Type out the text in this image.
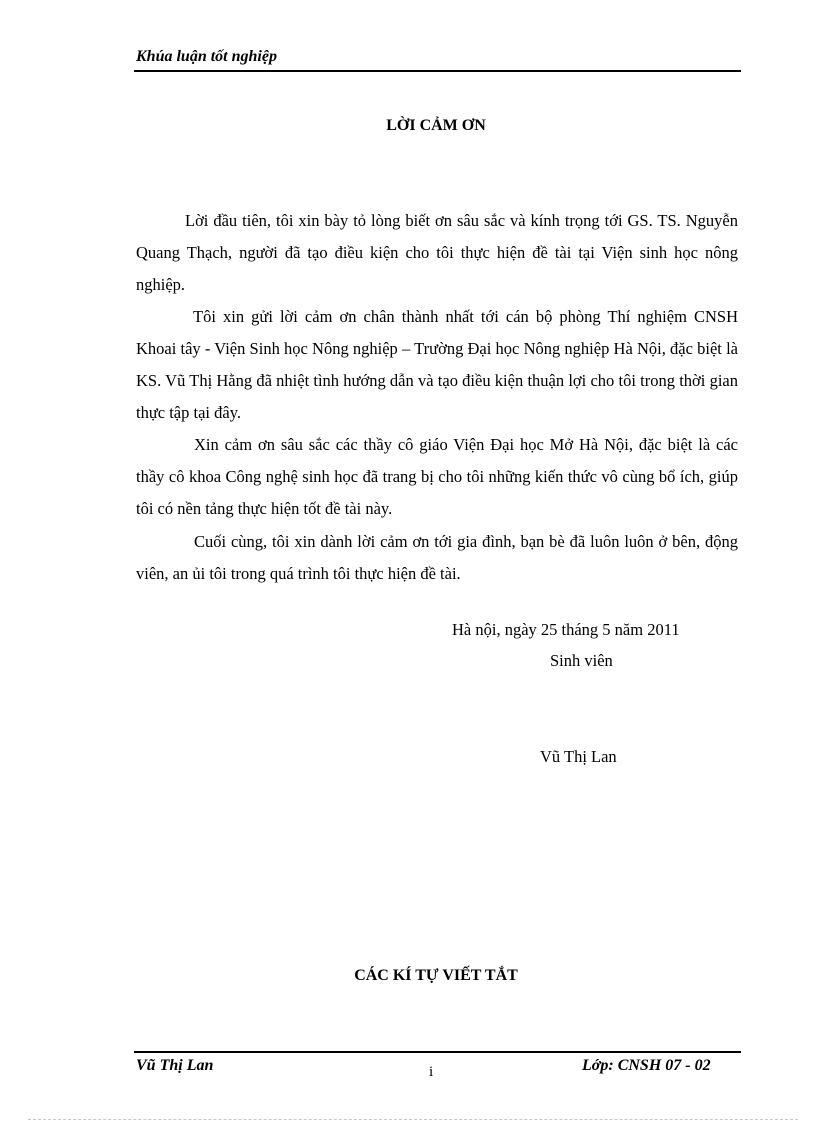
Khúa luận tốt nghiệp
LỜI CẢM ƠN

Lời đầu tiên, tôi xin bày tỏ lòng biết ơn sâu sắc và kính trọng tới GS. TS. Nguyễn Quang Thạch, người đã tạo điều kiện cho tôi thực hiện đề tài tại Viện sinh học nông nghiệp.

Tôi xin gửi lời cảm ơn chân thành nhất tới cán bộ phòng Thí nghiệm CNSH Khoai tây - Viện Sinh học Nông nghiệp – Trường Đại học Nông nghiệp Hà Nội, đặc biệt là KS. Vũ Thị Hằng đã nhiệt tình hướng dẫn và tạo điều kiện thuận lợi cho tôi trong thời gian thực tập tại đây.

Xin cảm ơn sâu sắc các thầy cô giáo Viện Đại học Mở Hà Nội, đặc biệt là các thầy cô khoa Công nghệ sinh học đã trang bị cho tôi những kiến thức vô cùng bổ ích, giúp tôi có nền tảng thực hiện tốt đề tài này.

Cuối cùng, tôi xin dành lời cảm ơn tới gia đình, bạn bè đã luôn luôn ở bên, động viên, an ủi tôi trong quá trình tôi thực hiện đề tài.

Hà nội, ngày 25 tháng 5 năm 2011
Sinh viên
Vũ Thị Lan
CÁC KÍ TỰ VIẾT TẮT
Vũ Thị Lan	i	Lớp: CNSH 07 - 02
